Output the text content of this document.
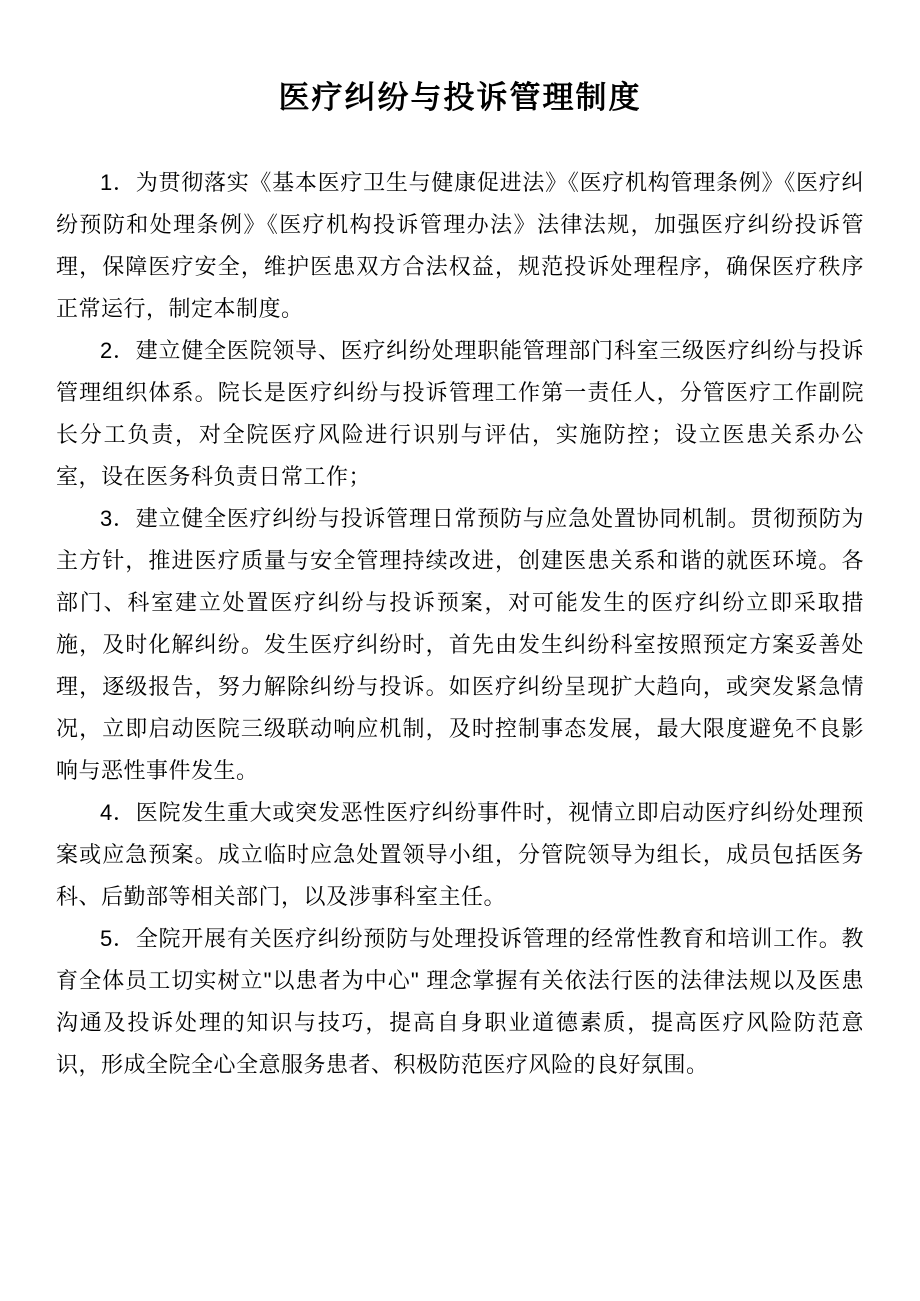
医疗纠纷与投诉管理制度

1．为贯彻落实《基本医疗卫生与健康促进法》《医疗机构管理条例》《医疗纠纷预防和处理条例》《医疗机构投诉管理办法》法律法规，加强医疗纠纷投诉管理，保障医疗安全，维护医患双方合法权益，规范投诉处理程序，确保医疗秩序正常运行，制定本制度。

2．建立健全医院领导、医疗纠纷处理职能管理部门科室三级医疗纠纷与投诉管理组织体系。院长是医疗纠纷与投诉管理工作第一责任人，分管医疗工作副院长分工负责，对全院医疗风险进行识别与评估，实施防控；设立医患关系办公室，设在医务科负责日常工作；

3．建立健全医疗纠纷与投诉管理日常预防与应急处置协同机制。贯彻预防为主方针，推进医疗质量与安全管理持续改进，创建医患关系和谐的就医环境。各部门、科室建立处置医疗纠纷与投诉预案，对可能发生的医疗纠纷立即采取措施，及时化解纠纷。发生医疗纠纷时，首先由发生纠纷科室按照预定方案妥善处理，逐级报告，努力解除纠纷与投诉。如医疗纠纷呈现扩大趋向，或突发紧急情况，立即启动医院三级联动响应机制，及时控制事态发展，最大限度避免不良影响与恶性事件发生。

4．医院发生重大或突发恶性医疗纠纷事件时，视情立即启动医疗纠纷处理预案或应急预案。成立临时应急处置领导小组，分管院领导为组长，成员包括医务科、后勤部等相关部门，以及涉事科室主任。

5．全院开展有关医疗纠纷预防与处理投诉管理的经常性教育和培训工作。教育全体员工切实树立"以患者为中心" 理念掌握有关依法行医的法律法规以及医患沟通及投诉处理的知识与技巧，提高自身职业道德素质，提高医疗风险防范意识，形成全院全心全意服务患者、积极防范医疗风险的良好氛围。
